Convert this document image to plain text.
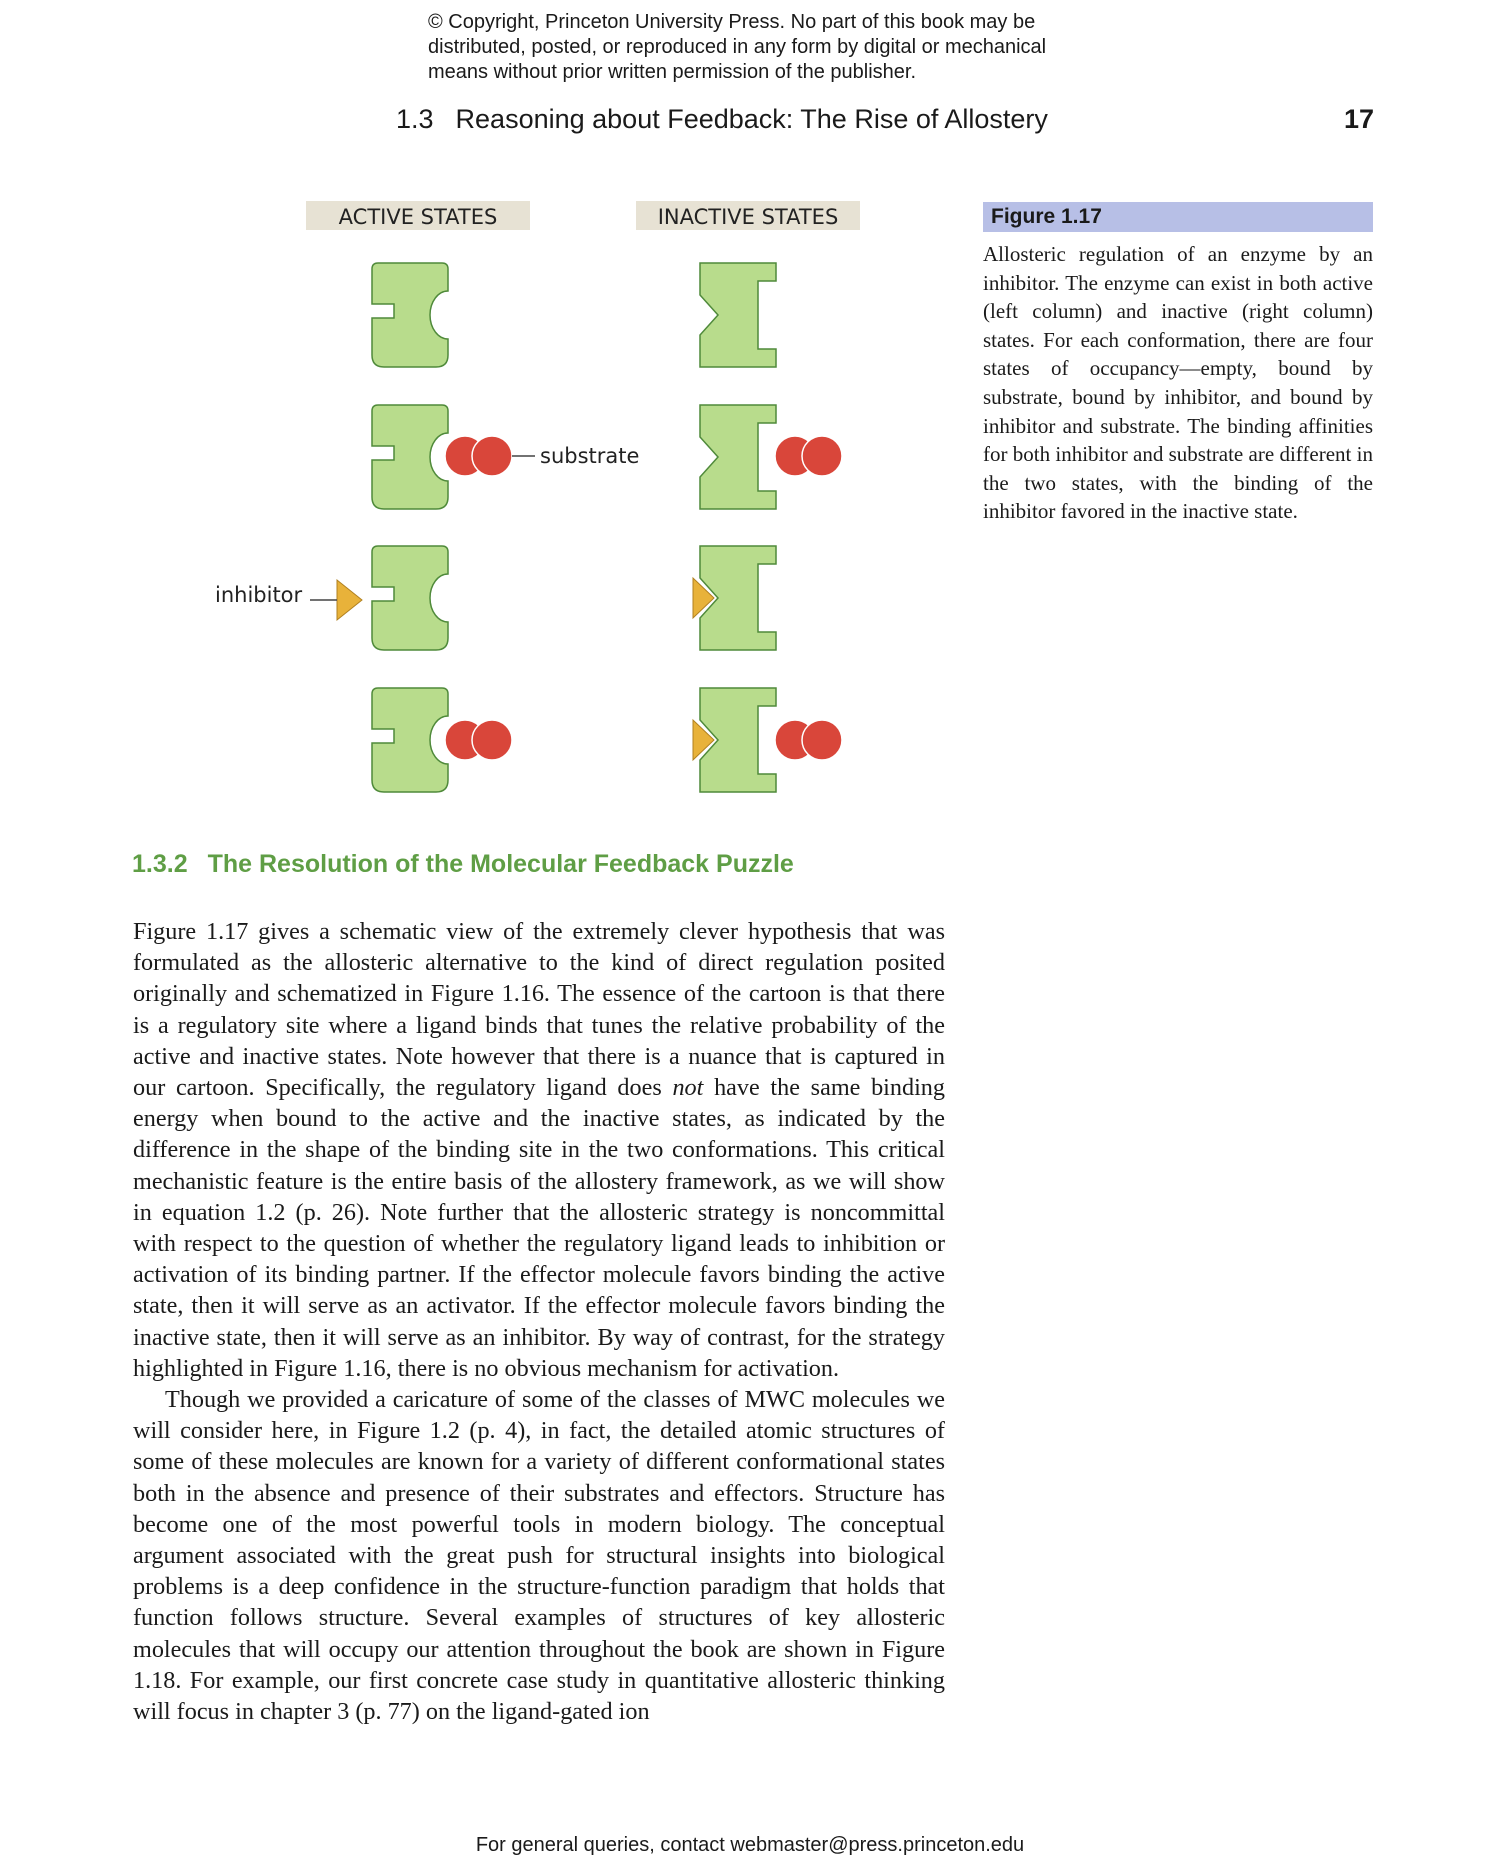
© Copyright, Princeton University Press. No part of this book may be
distributed, posted, or reproduced in any form by digital or mechanical
means without prior written permission of the publisher.
1.3 Reasoning about Feedback: The Rise of Allostery	17
ACTIVE STATES	INACTIVE STATES
substrate
inhibitor
Figure 1.17
Allosteric regulation of an enzyme by an inhibitor. The enzyme can exist in both active (left column) and inactive (right column) states. For each conformation, there are four states of occupancy—empty, bound by substrate, bound by inhibitor, and bound by inhibitor and substrate. The binding affinities for both inhibitor and substrate are different in the two states, with the binding of the inhibitor favored in the inactive state.
1.3.2 The Resolution of the Molecular Feedback Puzzle

Figure 1.17 gives a schematic view of the extremely clever hypothesis that was formulated as the allosteric alternative to the kind of direct regulation posited originally and schematized in Figure 1.16. The essence of the cartoon is that there is a regulatory site where a ligand binds that tunes the relative probability of the active and inactive states. Note however that there is a nuance that is captured in our cartoon. Specifically, the regulatory ligand does not have the same binding energy when bound to the active and the inactive states, as indicated by the difference in the shape of the binding site in the two conformations. This critical mechanistic feature is the entire basis of the allostery framework, as we will show in equation 1.2 (p. 26). Note further that the allosteric strategy is noncommittal with respect to the question of whether the regulatory ligand leads to inhibition or activation of its binding partner. If the effector molecule favors binding the active state, then it will serve as an activator. If the effector molecule favors binding the inactive state, then it will serve as an inhibitor. By way of contrast, for the strategy highlighted in Figure 1.16, there is no obvious mechanism for activation.

Though we provided a caricature of some of the classes of MWC molecules we will consider here, in Figure 1.2 (p. 4), in fact, the detailed atomic structures of some of these molecules are known for a variety of different conformational states both in the absence and presence of their substrates and effectors. Structure has become one of the most powerful tools in modern biology. The conceptual argument associated with the great push for structural insights into biological problems is a deep confidence in the structure-function paradigm that holds that function follows structure. Several examples of structures of key allosteric molecules that will occupy our attention throughout the book are shown in Figure 1.18. For example, our first concrete case study in quantitative allosteric thinking will focus in chapter 3 (p. 77) on the ligand-gated ion

For general queries, contact webmaster@press.princeton.edu
